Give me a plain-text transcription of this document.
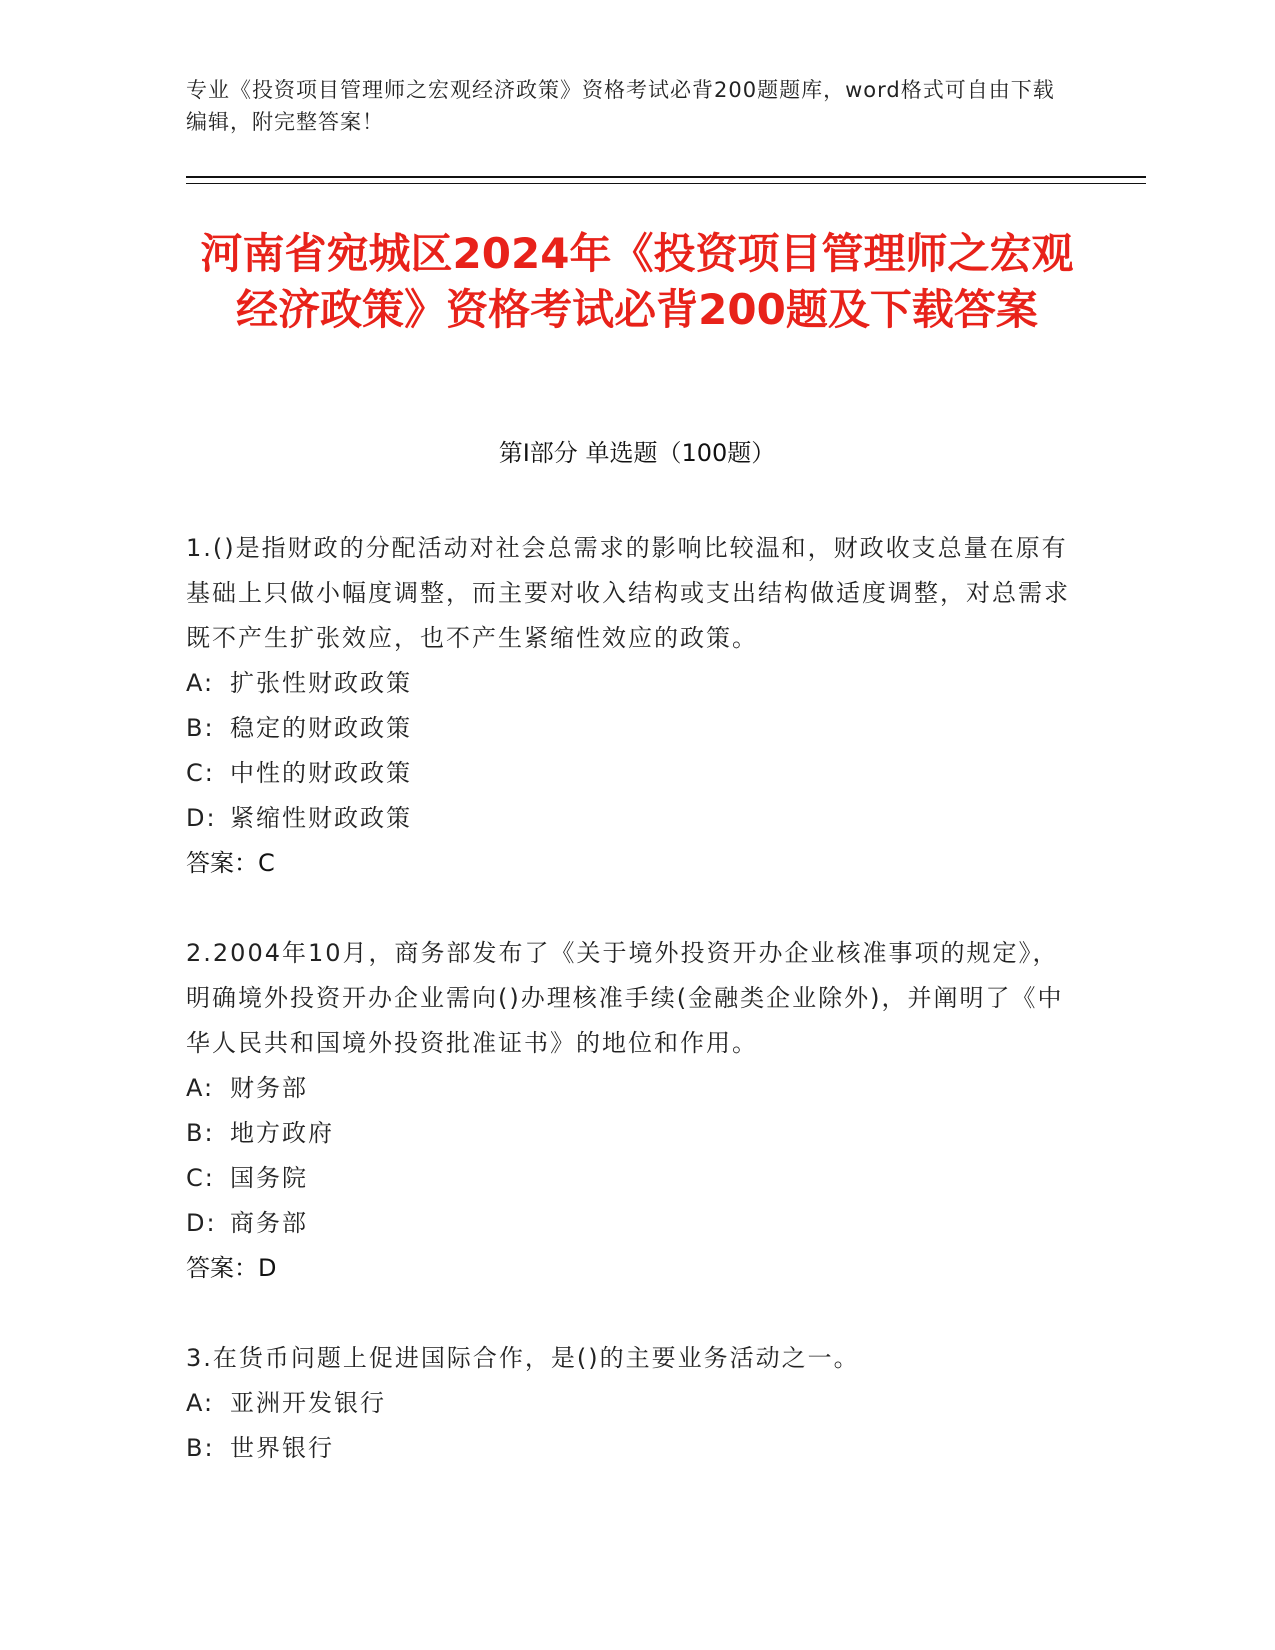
专业《投资项目管理师之宏观经济政策》资格考试必背200题题库，word格式可自由下载编辑，附完整答案！
河南省宛城区2024年《投资项目管理师之宏观经济政策》资格考试必背200题及下载答案
第I部分 单选题（100题）
1.()是指财政的分配活动对社会总需求的影响比较温和，财政收支总量在原有基础上只做小幅度调整，而主要对收入结构或支出结构做适度调整，对总需求既不产生扩张效应，也不产生紧缩性效应的政策。
A: 扩张性财政政策
B: 稳定的财政政策
C: 中性的财政政策
D: 紧缩性财政政策
答案：C
2.2004年10月，商务部发布了《关于境外投资开办企业核准事项的规定》，明确境外投资开办企业需向()办理核准手续(金融类企业除外)，并阐明了《中华人民共和国境外投资批准证书》的地位和作用。
A: 财务部
B: 地方政府
C: 国务院
D: 商务部
答案：D
3.在货币问题上促进国际合作，是()的主要业务活动之一。
A: 亚洲开发银行
B: 世界银行
